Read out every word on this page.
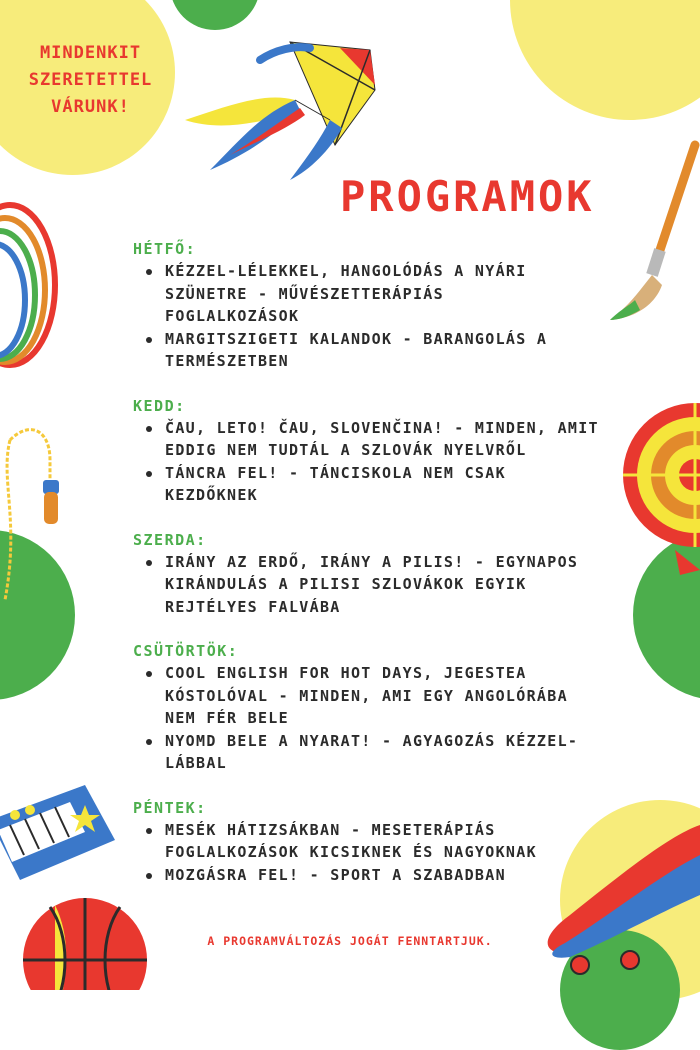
MINDENKIT
SZERETETTEL
VÁRUNK!
PROGRAMOK
HÉTFŐ:
KÉZZEL-LÉLEKKEL, HANGOLÓDÁS A NYÁRI
SZÜNETRE - MŰVÉSZETTERÁPIÁS
FOGLALKOZÁSOK
MARGITSZIGETI KALANDOK - BARANGOLÁS A
TERMÉSZETBEN
KEDD:
ČAU, LETO! ČAU, SLOVENČINA! - MINDEN, AMIT
EDDIG NEM TUDTÁL A SZLOVÁK NYELVRŐL
TÁNCRA FEL! - TÁNCISKOLA NEM CSAK
KEZDŐKNEK
SZERDA:
IRÁNY AZ ERDŐ, IRÁNY A PILIS! - EGYNAPOS
KIRÁNDULÁS A PILISI SZLOVÁKOK EGYIK
REJTÉLYES FALVÁBA
CSÜTÖRTÖK:
COOL ENGLISH FOR HOT DAYS, JEGESTEA
KÓSTOLÓVAL - MINDEN, AMI EGY ANGOLÓRÁBA
NEM FÉR BELE
NYOMD BELE A NYARAT! - AGYAGOZÁS KÉZZEL-
LÁBBAL
PÉNTEK:
MESÉK HÁTIZSÁKBAN - MESETERÁPIÁS
FOGLALKOZÁSOK KICSIKNEK ÉS NAGYOKNAK
MOZGÁSRA FEL! - SPORT A SZABADBAN
A PROGRAMVÁLTOZÁS JOGÁT FENNTARTJUK.
